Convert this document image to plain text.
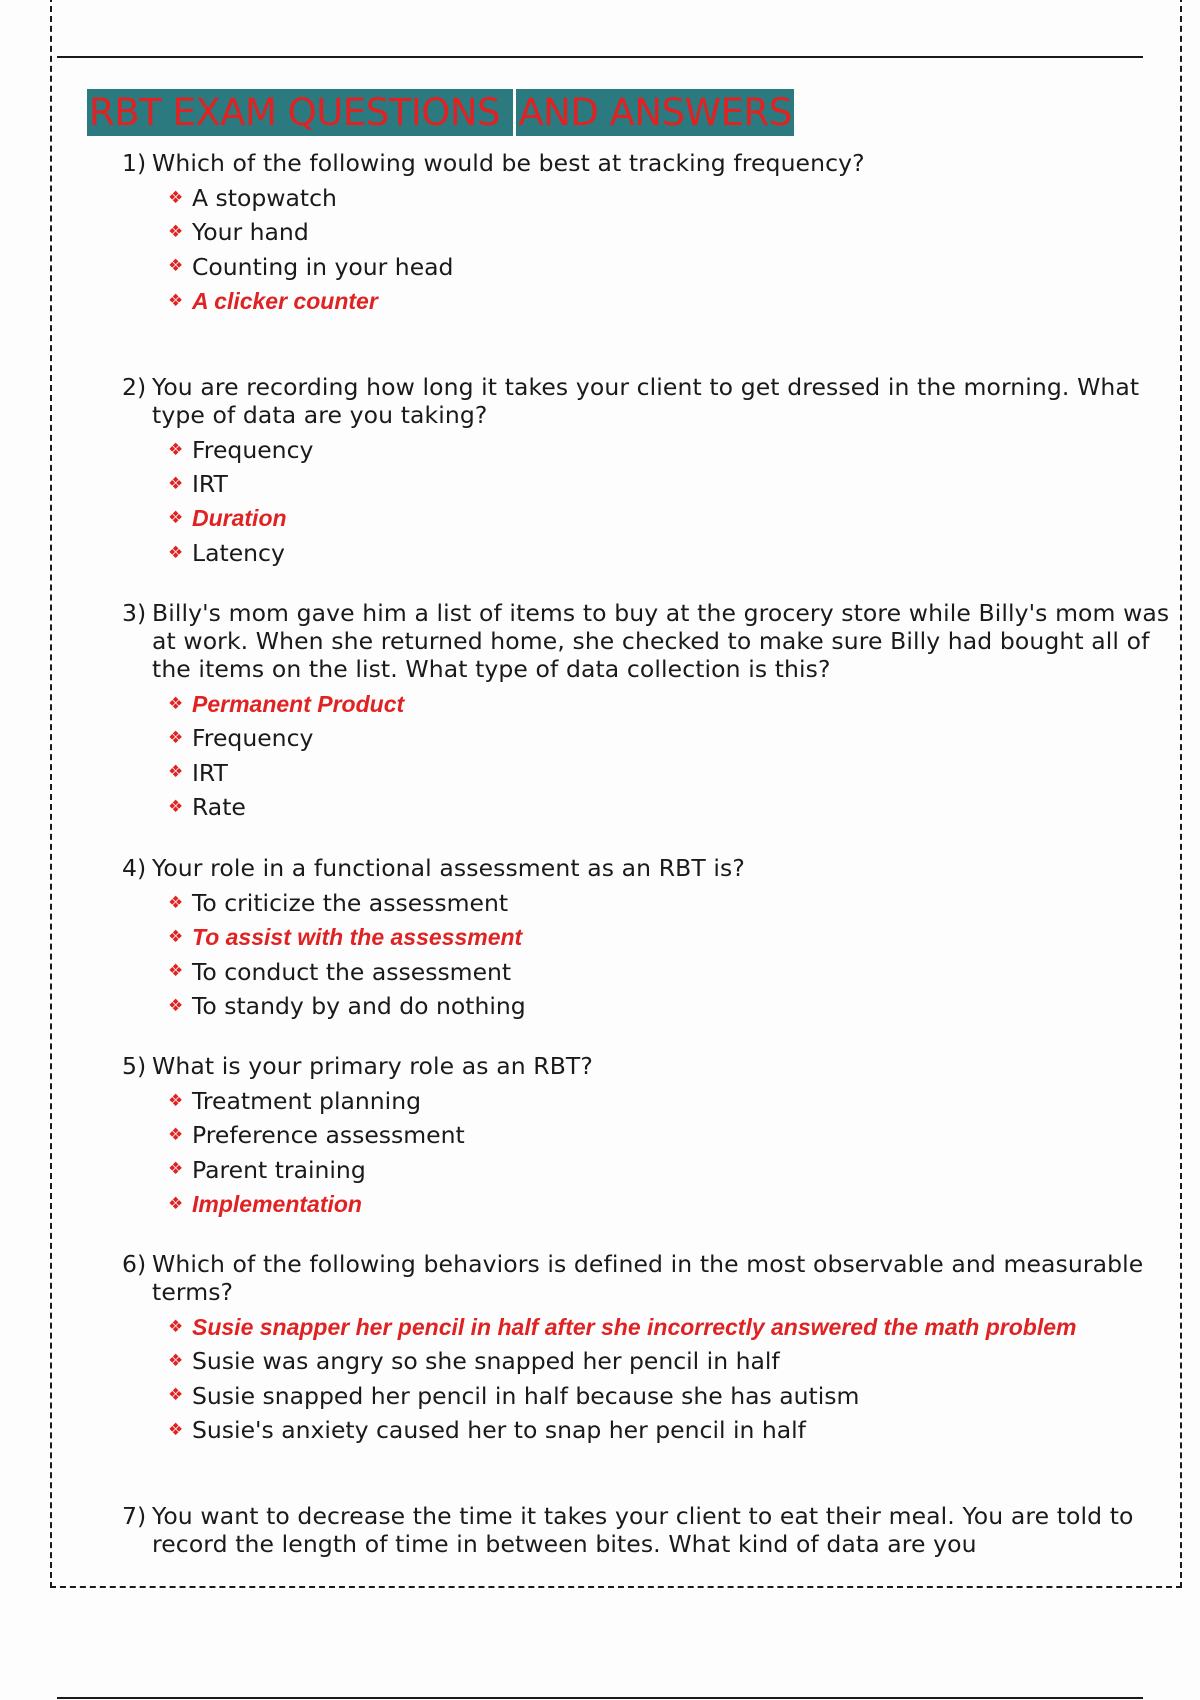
RBT EXAM QUESTIONS AND ANSWERS
1) Which of the following would be best at tracking frequency?
❖ A stopwatch
❖ Your hand
❖ Counting in your head
❖ A clicker counter
2) You are recording how long it takes your client to get dressed in the morning. What type of data are you taking?
❖ Frequency
❖ IRT
❖ Duration
❖ Latency
3) Billy's mom gave him a list of items to buy at the grocery store while Billy's mom was at work. When she returned home, she checked to make sure Billy had bought all of the items on the list. What type of data collection is this?
❖ Permanent Product
❖ Frequency
❖ IRT
❖ Rate
4) Your role in a functional assessment as an RBT is?
❖ To criticize the assessment
❖ To assist with the assessment
❖ To conduct the assessment
❖ To standy by and do nothing
5) What is your primary role as an RBT?
❖ Treatment planning
❖ Preference assessment
❖ Parent training
❖ Implementation
6) Which of the following behaviors is defined in the most observable and measurable terms?
❖ Susie snapper her pencil in half after she incorrectly answered the math problem
❖ Susie was angry so she snapped her pencil in half
❖ Susie snapped her pencil in half because she has autism
❖ Susie's anxiety caused her to snap her pencil in half
7) You want to decrease the time it takes your client to eat their meal. You are told to record the length of time in between bites. What kind of data are you
